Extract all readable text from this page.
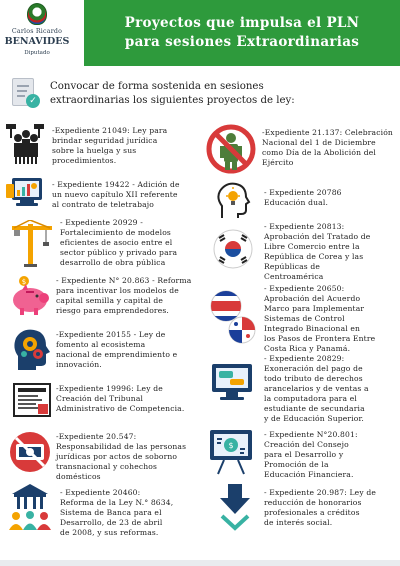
Carlos Ricardo
BENAVIDES
Diputado
Proyectos que impulsa el PLN
para sesiones Extraordinarias
✓
Convocar de forma sostenida en sesiones
extraordinarias los siguientes proyectos de ley:
-Expediente 21049: Ley para
brindar seguridad jurídica
sobre la huelga y sus
procedimientos.
- Expediente 19422 - Adición de
un nuevo capítulo XII referente
al contrato de teletrabajo
- Expediente 20929 -
Fortalecimiento de modelos
eficientes de asocio entre el
sector público y privado para
desarrollo de obra pública
$	- Expediente N° 20.863 - Reforma
para incentivar los modelos de
capital semilla y capital de
riesgo para emprendedores.
-Expediente 20155 - Ley de
fomento al ecosistema
nacional de emprendimiento e
innovación.
-Expediente 19996: Ley de
Creación del Tribunal
Administrativo de Competencia.
-Expediente 20.547:
Responsabilidad de las personas
jurídicas por actos de soborno
transnacional y cohechos
domésticos
- Expediente 20460:
Reforma de la Ley N.° 8634,
Sistema de Banca para el
Desarrollo, de 23 de abril
de 2008, y sus reformas.
-Expediente 21.137: Celebración
Nacional del 1 de Diciembre
como Día de la Abolición del
Ejército
- Expediente 20786
Educación dual.
- Expediente 20813:
Aprobación del Tratado de
Libre Comercio entre la
República de Corea y las
Repúblicas de
Centroamérica
- Expediente 20650:
Aprobación del Acuerdo
Marco para Implementar
Sistemas de Control
Integrado Binacional en
los Pasos de Frontera Entre
Costa Rica y Panamá.
- Expediente 20829:
Exoneración del pago de
todo tributo de derechos
arancelarios y de ventas a
la computadora para el
estudiante de secundaria
y de Educación Superior.
$
- Expediente N°20.801:
Creación del Consejo
para el Desarrollo y
Promoción de la
Educación Financiera.
- Expediente 20.987: Ley de
reducción de honorarios
profesionales a créditos
de interés social.
